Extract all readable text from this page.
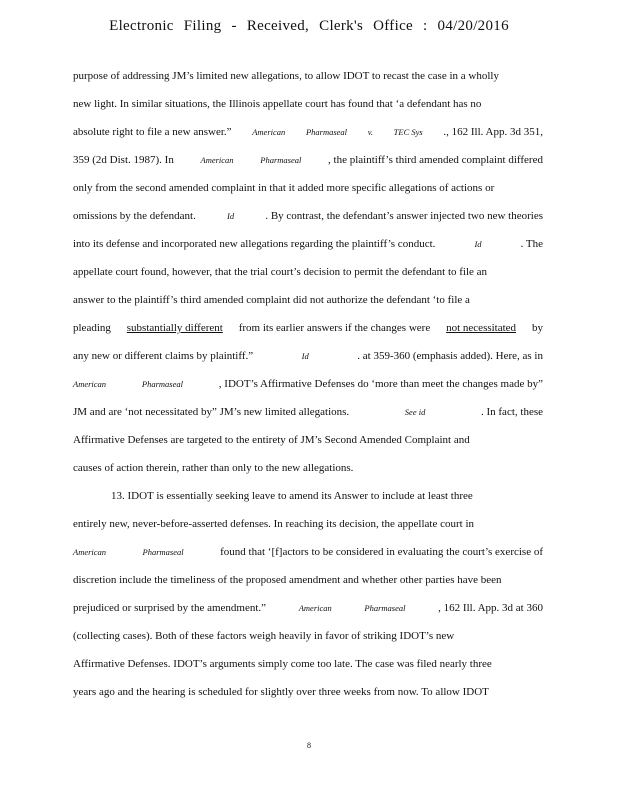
Electronic Filing - Received, Clerk's Office : 04/20/2016
purpose of addressing JM’s limited new allegations, to allow IDOT to recast the case in a wholly
new light. In similar situations, the Illinois appellate court has found that ‘a defendant has no
absolute right to file a new answer.” American Pharmaseal v. TEC Sys ., 162 Ill. App. 3d 351,
359 (2d Dist. 1987). In	American	Pharmaseal , the plaintiff’s third amended complaint differed
only from the second amended complaint in that it added more specific allegations of actions or
omissions by the defendant.	Id	. By contrast, the defendant’s answer injected two new theories
into its defense and incorporated new allegations regarding the plaintiff’s conduct.	Id	. The
appellate court found, however, that the trial court’s decision to permit the defendant to file an
answer to the plaintiff’s third amended complaint did not authorize the defendant ‘to file a
pleading substantially different from its earlier answers if the changes were not necessitated by
any new or different claims by plaintiff.”	Id	. at 359-360 (emphasis added). Here, as in
American	Pharmaseal	, IDOT’s Affirmative Defenses do ‘more than meet the changes made by”
JM and are ‘not necessitated by” JM’s new limited allegations.	See id	. In fact, these
Affirmative Defenses are targeted to the entirety of JM’s Second Amended Complaint and
causes of action therein, rather than only to the new allegations.
13. IDOT is essentially seeking leave to amend its Answer to include at least three
entirely new, never-before-asserted defenses. In reaching its decision, the appellate court in
American	Pharmaseal	found that ‘[f]actors to be considered in evaluating the court’s exercise of
discretion include the timeliness of the proposed amendment and whether other parties have been
prejudiced or surprised by the amendment.”	American	Pharmaseal	, 162 Ill. App. 3d at 360
(collecting cases). Both of these factors weigh heavily in favor of striking IDOT’s new
Affirmative Defenses. IDOT’s arguments simply come too late. The case was filed nearly three
years ago and the hearing is scheduled for slightly over three weeks from now. To allow IDOT
8
